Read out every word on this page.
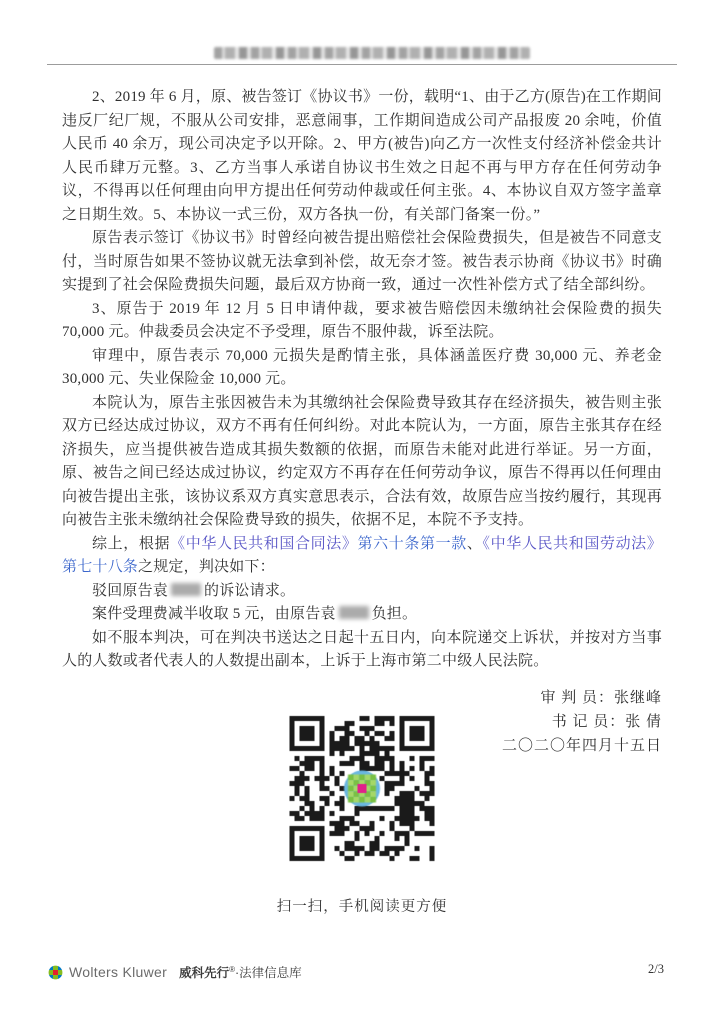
2、2019 年 6 月，原、被告签订《协议书》一份，载明“1、由于乙方(原告)在工作期间违反厂纪厂规，不服从公司安排，恶意闹事，工作期间造成公司产品报废 20 余吨，价值人民币 40 余万，现公司决定予以开除。2、甲方(被告)向乙方一次性支付经济补偿金共计人民币肆万元整。3、乙方当事人承诺自协议书生效之日起不再与甲方存在任何劳动争议，不得再以任何理由向甲方提出任何劳动仲裁或任何主张。4、本协议自双方签字盖章之日期生效。5、本协议一式三份，双方各执一份，有关部门备案一份。”

原告表示签订《协议书》时曾经向被告提出赔偿社会保险费损失，但是被告不同意支付，当时原告如果不签协议就无法拿到补偿，故无奈才签。被告表示协商《协议书》时确实提到了社会保险费损失问题，最后双方协商一致，通过一次性补偿方式了结全部纠纷。

3、原告于 2019 年 12 月 5 日申请仲裁，要求被告赔偿因未缴纳社会保险费的损失 70,000 元。仲裁委员会决定不予受理，原告不服仲裁，诉至法院。

审理中，原告表示 70,000 元损失是酌情主张，具体涵盖医疗费 30,000 元、养老金 30,000 元、失业保险金 10,000 元。

本院认为，原告主张因被告未为其缴纳社会保险费导致其存在经济损失，被告则主张双方已经达成过协议，双方不再有任何纠纷。对此本院认为，一方面，原告主张其存在经济损失，应当提供被告造成其损失数额的依据，而原告未能对此进行举证。另一方面，原、被告之间已经达成过协议，约定双方不再存在任何劳动争议，原告不得再以任何理由向被告提出主张，该协议系双方真实意思表示，合法有效，故原告应当按约履行，其现再向被告主张未缴纳社会保险费导致的损失，依据不足，本院不予支持。

综上，根据《中华人民共和国合同法》第六十条第一款、《中华人民共和国劳动法》第七十八条之规定，判决如下：

驳回原告袁 的诉讼请求。

案件受理费减半收取 5 元，由原告袁 负担。

如不服本判决，可在判决书送达之日起十五日内，向本院递交上诉状，并按对方当事人的人数或者代表人的人数提出副本，上诉于上海市第二中级人民法院。

审 判 员：张继峰
书 记 员：张 倩
二〇二〇年四月十五日
扫一扫，手机阅读更方便
Wolters Kluwer 威科先行®·法律信息库	2/3
